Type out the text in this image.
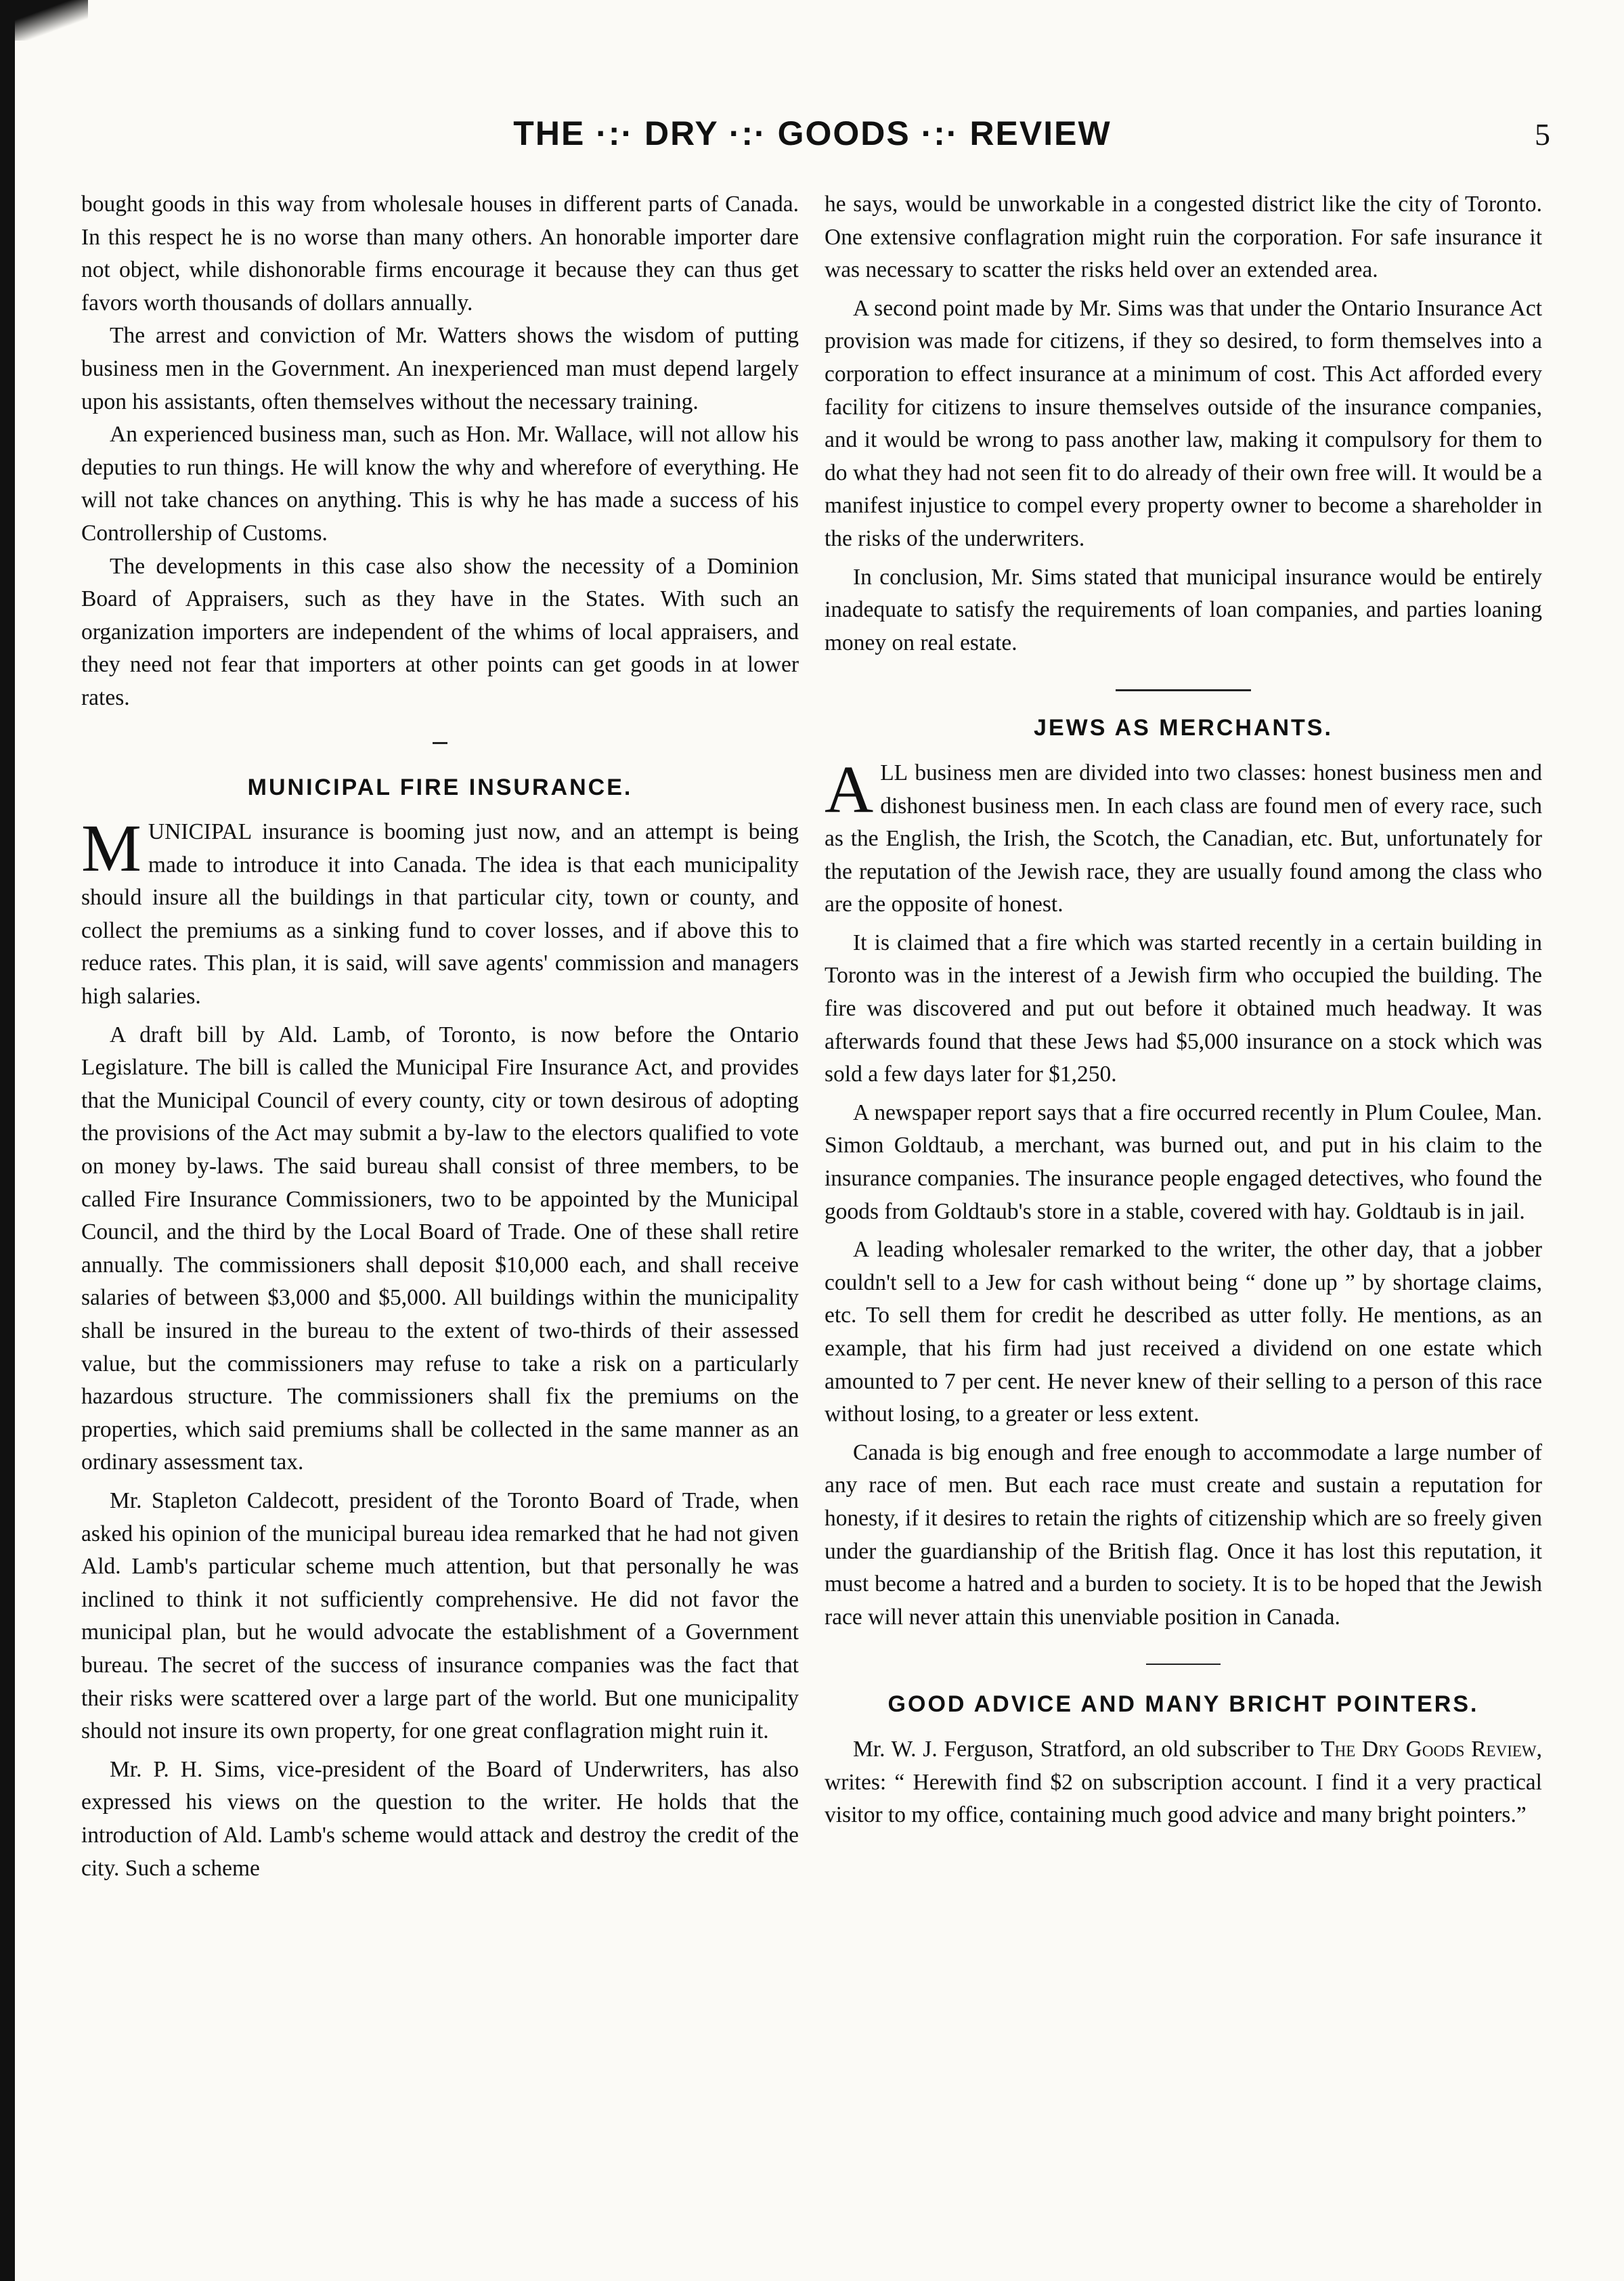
THE ·:· DRY ·:· GOODS ·:· REVIEW	5

bought goods in this way from wholesale houses in different parts of Canada. In this respect he is no worse than many others. An honorable importer dare not object, while dishonorable firms encourage it because they can thus get favors worth thousands of dollars annually.

The arrest and conviction of Mr. Watters shows the wisdom of putting business men in the Government. An inexperienced man must depend largely upon his assistants, often themselves without the necessary training.

An experienced business man, such as Hon. Mr. Wallace, will not allow his deputies to run things. He will know the why and wherefore of everything. He will not take chances on anything. This is why he has made a success of his Controllership of Customs.

The developments in this case also show the necessity of a Dominion Board of Appraisers, such as they have in the States. With such an organization importers are independent of the whims of local appraisers, and they need not fear that importers at other points can get goods in at lower rates.

MUNICIPAL FIRE INSURANCE.

MUNICIPAL insurance is booming just now, and an attempt is being made to introduce it into Canada. The idea is that each municipality should insure all the buildings in that particular city, town or county, and collect the premiums as a sinking fund to cover losses, and if above this to reduce rates. This plan, it is said, will save agents' commission and managers high salaries.

A draft bill by Ald. Lamb, of Toronto, is now before the Ontario Legislature. The bill is called the Municipal Fire Insurance Act, and provides that the Municipal Council of every county, city or town desirous of adopting the provisions of the Act may submit a by-law to the electors qualified to vote on money by-laws. The said bureau shall consist of three members, to be called Fire Insurance Commissioners, two to be appointed by the Municipal Council, and the third by the Local Board of Trade. One of these shall retire annually. The commissioners shall deposit $10,000 each, and shall receive salaries of between $3,000 and $5,000. All buildings within the municipality shall be insured in the bureau to the extent of two-thirds of their assessed value, but the commissioners may refuse to take a risk on a particularly hazardous structure. The commissioners shall fix the premiums on the properties, which said premiums shall be collected in the same manner as an ordinary assessment tax.

Mr. Stapleton Caldecott, president of the Toronto Board of Trade, when asked his opinion of the municipal bureau idea remarked that he had not given Ald. Lamb's particular scheme much attention, but that personally he was inclined to think it not sufficiently comprehensive. He did not favor the municipal plan, but he would advocate the establishment of a Government bureau. The secret of the success of insurance companies was the fact that their risks were scattered over a large part of the world. But one municipality should not insure its own property, for one great conflagration might ruin it.

Mr. P. H. Sims, vice-president of the Board of Underwriters, has also expressed his views on the question to the writer. He holds that the introduction of Ald. Lamb's scheme would attack and destroy the credit of the city. Such a scheme

he says, would be unworkable in a congested district like the city of Toronto. One extensive conflagration might ruin the corporation. For safe insurance it was necessary to scatter the risks held over an extended area.

A second point made by Mr. Sims was that under the Ontario Insurance Act provision was made for citizens, if they so desired, to form themselves into a corporation to effect insurance at a minimum of cost. This Act afforded every facility for citizens to insure themselves outside of the insurance companies, and it would be wrong to pass another law, making it compulsory for them to do what they had not seen fit to do already of their own free will. It would be a manifest injustice to compel every property owner to become a shareholder in the risks of the underwriters.

In conclusion, Mr. Sims stated that municipal insurance would be entirely inadequate to satisfy the requirements of loan companies, and parties loaning money on real estate.

JEWS AS MERCHANTS.

ALL business men are divided into two classes: honest business men and dishonest business men. In each class are found men of every race, such as the English, the Irish, the Scotch, the Canadian, etc. But, unfortunately for the reputation of the Jewish race, they are usually found among the class who are the opposite of honest.

It is claimed that a fire which was started recently in a certain building in Toronto was in the interest of a Jewish firm who occupied the building. The fire was discovered and put out before it obtained much headway. It was afterwards found that these Jews had $5,000 insurance on a stock which was sold a few days later for $1,250.

A newspaper report says that a fire occurred recently in Plum Coulee, Man. Simon Goldtaub, a merchant, was burned out, and put in his claim to the insurance companies. The insurance people engaged detectives, who found the goods from Goldtaub's store in a stable, covered with hay. Goldtaub is in jail.

A leading wholesaler remarked to the writer, the other day, that a jobber couldn't sell to a Jew for cash without being “ done up ” by shortage claims, etc. To sell them for credit he described as utter folly. He mentions, as an example, that his firm had just received a dividend on one estate which amounted to 7 per cent. He never knew of their selling to a person of this race without losing, to a greater or less extent.

Canada is big enough and free enough to accommodate a large number of any race of men. But each race must create and sustain a reputation for honesty, if it desires to retain the rights of citizenship which are so freely given under the guardianship of the British flag. Once it has lost this reputation, it must become a hatred and a burden to society. It is to be hoped that the Jewish race will never attain this unenviable position in Canada.

GOOD ADVICE AND MANY BRICHT POINTERS.

Mr. W. J. Ferguson, Stratford, an old subscriber to The Dry Goods Review, writes: “ Herewith find $2 on subscription account. I find it a very practical visitor to my office, containing much good advice and many bright pointers.”
